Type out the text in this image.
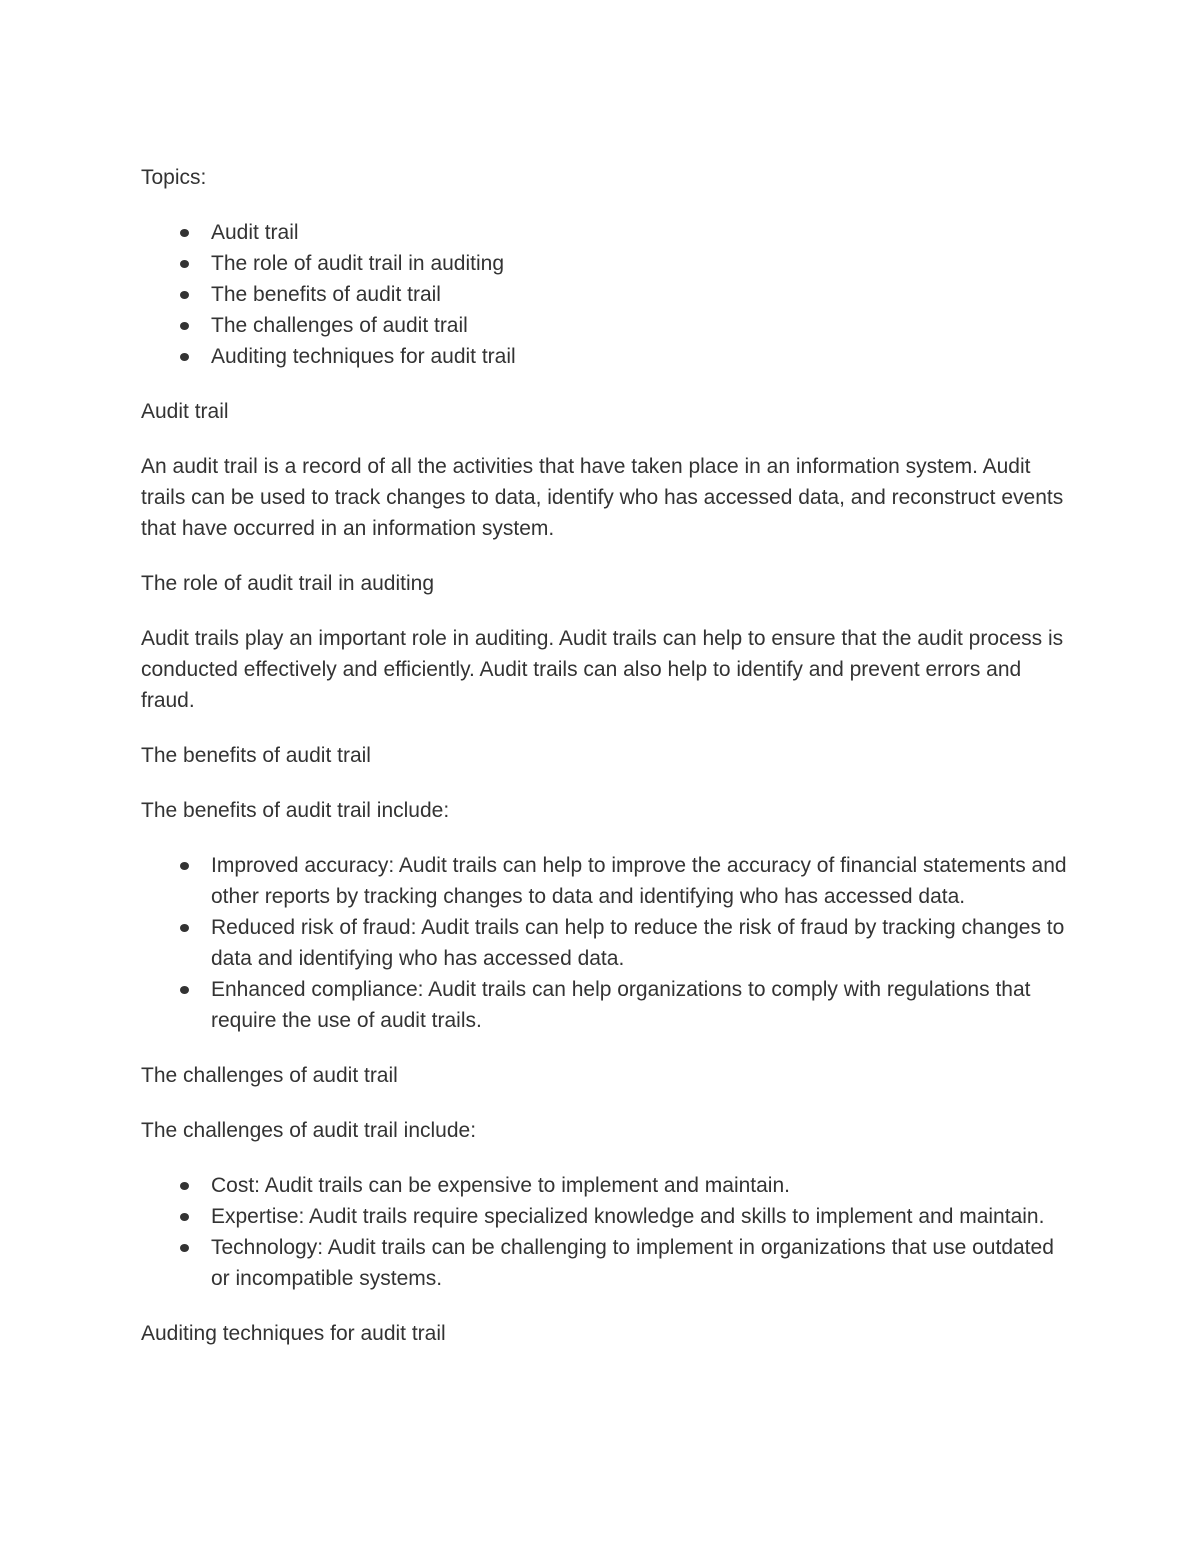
Topics:

Audit trail
The role of audit trail in auditing
The benefits of audit trail
The challenges of audit trail
Auditing techniques for audit trail

Audit trail

An audit trail is a record of all the activities that have taken place in an information system. Audit trails can be used to track changes to data, identify who has accessed data, and reconstruct events that have occurred in an information system.

The role of audit trail in auditing

Audit trails play an important role in auditing. Audit trails can help to ensure that the audit process is conducted effectively and efficiently. Audit trails can also help to identify and prevent errors and fraud.

The benefits of audit trail

The benefits of audit trail include:

Improved accuracy: Audit trails can help to improve the accuracy of financial statements and other reports by tracking changes to data and identifying who has accessed data.
Reduced risk of fraud: Audit trails can help to reduce the risk of fraud by tracking changes to data and identifying who has accessed data.
Enhanced compliance: Audit trails can help organizations to comply with regulations that require the use of audit trails.

The challenges of audit trail

The challenges of audit trail include:

Cost: Audit trails can be expensive to implement and maintain.
Expertise: Audit trails require specialized knowledge and skills to implement and maintain.
Technology: Audit trails can be challenging to implement in organizations that use outdated or incompatible systems.

Auditing techniques for audit trail
